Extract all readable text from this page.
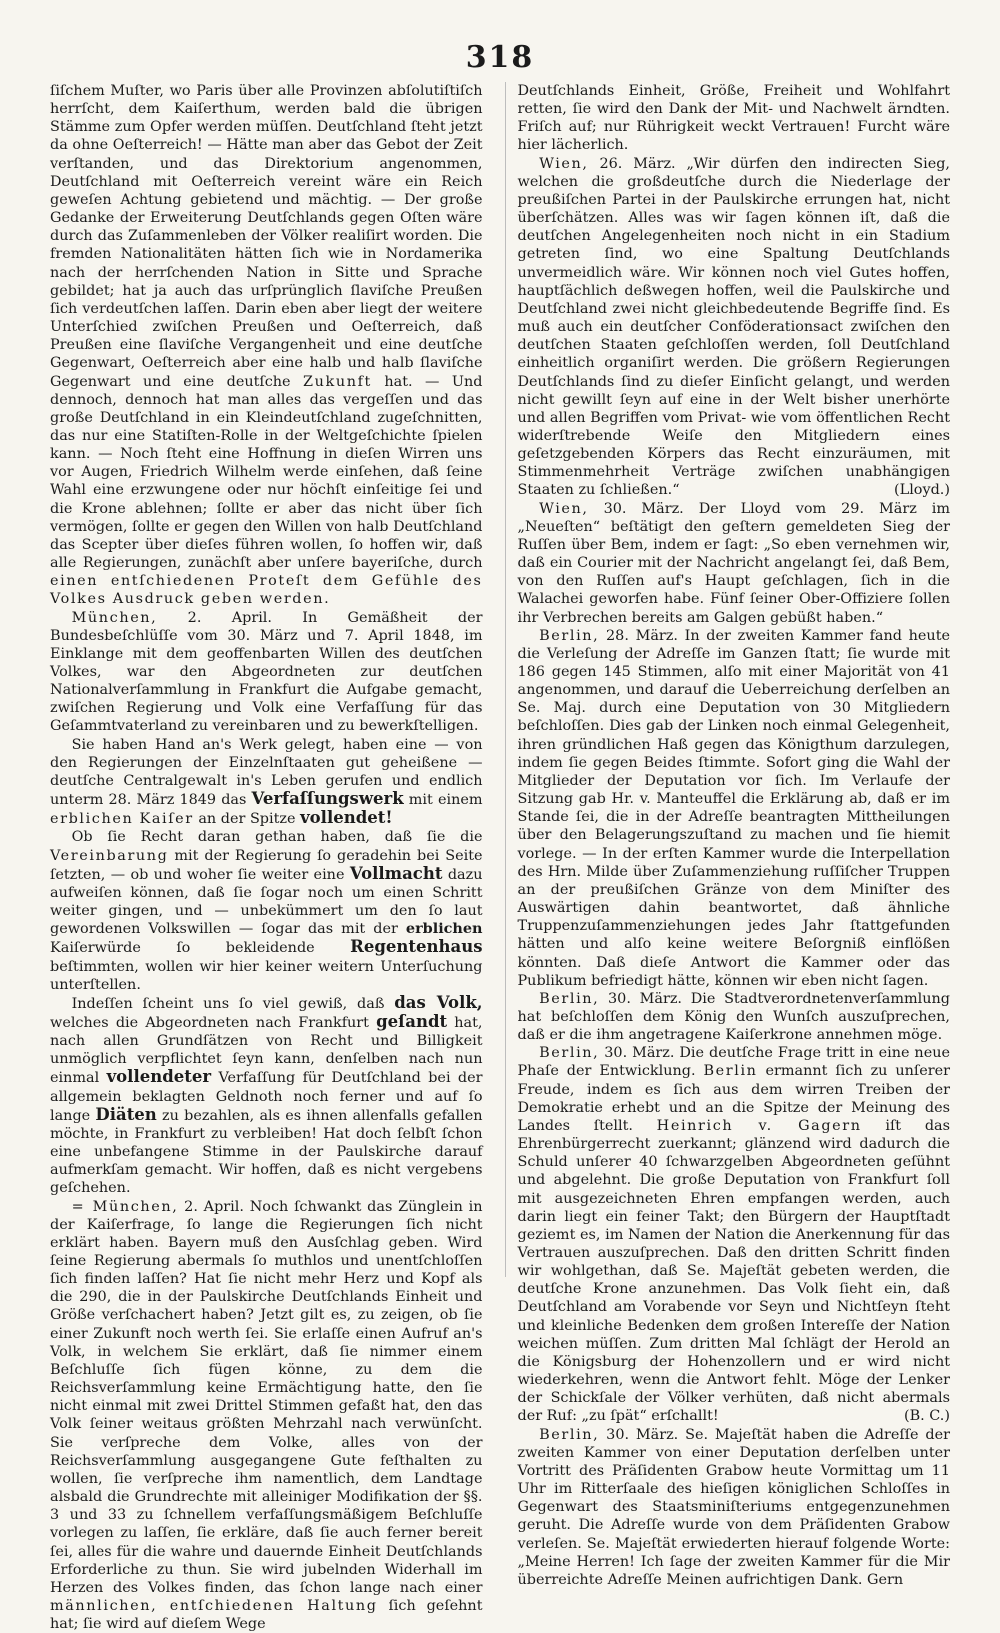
318

ſiſchem Muſter, wo Paris über alle Provinzen abſolutiſtiſch herrſcht, dem Kaiſerthum, werden bald die übrigen Stämme zum Opfer werden müſſen. Deutſchland ſteht jetzt da ohne Oeſterreich! — Hätte man aber das Gebot der Zeit verſtanden, und das Direktorium angenommen, Deutſchland mit Oeſterreich vereint wäre ein Reich geweſen Achtung gebietend und mächtig. — Der große Gedanke der Erweiterung Deutſchlands gegen Oſten wäre durch das Zuſammenleben der Völker realiſirt worden. Die fremden Nationalitäten hätten ſich wie in Nordamerika nach der herrſchenden Nation in Sitte und Sprache gebildet; hat ja auch das urſprünglich ſlaviſche Preußen ſich verdeutſchen laſſen. Darin eben aber liegt der weitere Unterſchied zwiſchen Preußen und Oeſterreich, daß Preußen eine ſlaviſche Vergangenheit und eine deutſche Gegenwart, Oeſterreich aber eine halb und halb ſlaviſche Gegenwart und eine deutſche Zukunft hat. — Und dennoch, dennoch hat man alles das vergeſſen und das große Deutſchland in ein Kleindeutſchland zugeſchnitten, das nur eine Statiſten-Rolle in der Weltgeſchichte ſpielen kann. — Noch ſteht eine Hoffnung in dieſen Wirren uns vor Augen, Friedrich Wilhelm werde einſehen, daß ſeine Wahl eine erzwungene oder nur höchſt einſeitige ſei und die Krone ablehnen; ſollte er aber das nicht über ſich vermögen, ſollte er gegen den Willen von halb Deutſchland das Scepter über dieſes führen wollen, ſo hoffen wir, daß alle Regierungen, zunächſt aber unſere bayeriſche, durch einen entſchiedenen Proteſt dem Gefühle des Volkes Ausdruck geben werden.

München, 2. April. In Gemäßheit der Bundesbeſchlüſſe vom 30. März und 7. April 1848, im Einklange mit dem geoffenbarten Willen des deutſchen Volkes, war den Abgeordneten zur deutſchen Nationalverſammlung in Frankfurt die Aufgabe gemacht, zwiſchen Regierung und Volk eine Verfaſſung für das Geſammtvaterland zu vereinbaren und zu bewerkſtelligen.

Sie haben Hand an's Werk gelegt, haben eine — von den Regierungen der Einzelnſtaaten gut geheißene — deutſche Centralgewalt in's Leben gerufen und endlich unterm 28. März 1849 das Verfaſſungswerk mit einem erblichen Kaiſer an der Spitze vollendet!

Ob ſie Recht daran gethan haben, daß ſie die Vereinbarung mit der Regierung ſo geradehin bei Seite ſetzten, — ob und woher ſie weiter eine Vollmacht dazu aufweiſen können, daß ſie ſogar noch um einen Schritt weiter gingen, und — unbekümmert um den ſo laut gewordenen Volkswillen — ſogar das mit der erblichen Kaiſerwürde ſo bekleidende Regentenhaus beſtimmten, wollen wir hier keiner weitern Unterſuchung unterſtellen.

Indeſſen ſcheint uns ſo viel gewiß, daß das Volk, welches die Abgeordneten nach Frankfurt geſandt hat, nach allen Grundſätzen von Recht und Billigkeit unmöglich verpflichtet ſeyn kann, denſelben nach nun einmal vollendeter Verfaſſung für Deutſchland bei der allgemein beklagten Geldnoth noch ferner und auf ſo lange Diäten zu bezahlen, als es ihnen allenfalls gefallen möchte, in Frankfurt zu verbleiben! Hat doch ſelbſt ſchon eine unbefangene Stimme in der Paulskirche darauf aufmerkſam gemacht. Wir hoffen, daß es nicht vergebens geſchehen.

= München, 2. April. Noch ſchwankt das Zünglein in der Kaiſerfrage, ſo lange die Regierungen ſich nicht erklärt haben. Bayern muß den Ausſchlag geben. Wird ſeine Regierung abermals ſo muthlos und unentſchloſſen ſich finden laſſen? Hat ſie nicht mehr Herz und Kopf als die 290, die in der Paulskirche Deutſchlands Einheit und Größe verſchachert haben? Jetzt gilt es, zu zeigen, ob ſie einer Zukunft noch werth ſei. Sie erlaſſe einen Aufruf an's Volk, in welchem Sie erklärt, daß ſie nimmer einem Beſchluſſe ſich fügen könne, zu dem die Reichsverſammlung keine Ermächtigung hatte, den ſie nicht einmal mit zwei Drittel Stimmen gefaßt hat, den das Volk ſeiner weitaus größten Mehrzahl nach verwünſcht. Sie verſpreche dem Volke, alles von der Reichsverſammlung ausgegangene Gute feſthalten zu wollen, ſie verſpreche ihm namentlich, dem Landtage alsbald die Grundrechte mit alleiniger Modifikation der §§. 3 und 33 zu ſchnellem verfaſſungsmäßigem Beſchluſſe vorlegen zu laſſen, ſie erkläre, daß ſie auch ferner bereit ſei, alles für die wahre und dauernde Einheit Deutſchlands Erforderliche zu thun. Sie wird jubelnden Widerhall im Herzen des Volkes finden, das ſchon lange nach einer männlichen, entſchiedenen Haltung ſich geſehnt hat; ſie wird auf dieſem Wege

Deutſchlands Einheit, Größe, Freiheit und Wohlfahrt retten, ſie wird den Dank der Mit- und Nachwelt ärndten. Friſch auf; nur Rührigkeit weckt Vertrauen! Furcht wäre hier lächerlich.

Wien, 26. März. „Wir dürfen den indirecten Sieg, welchen die großdeutſche durch die Niederlage der preußiſchen Partei in der Paulskirche errungen hat, nicht überſchätzen. Alles was wir ſagen können iſt, daß die deutſchen Angelegenheiten noch nicht in ein Stadium getreten ſind, wo eine Spaltung Deutſchlands unvermeidlich wäre. Wir können noch viel Gutes hoffen, hauptſächlich deßwegen hoffen, weil die Paulskirche und Deutſchland zwei nicht gleichbedeutende Begriffe ſind. Es muß auch ein deutſcher Conföderationsact zwiſchen den deutſchen Staaten geſchloſſen werden, ſoll Deutſchland einheitlich organiſirt werden. Die größern Regierungen Deutſchlands ſind zu dieſer Einſicht gelangt, und werden nicht gewillt ſeyn auf eine in der Welt bisher unerhörte und allen Begriffen vom Privat- wie vom öffentlichen Recht widerſtrebende Weiſe den Mitgliedern eines geſetzgebenden Körpers das Recht einzuräumen, mit Stimmenmehrheit Verträge zwiſchen unabhängigen Staaten zu ſchließen.“	(Lloyd.)

Wien, 30. März. Der Lloyd vom 29. März im „Neueſten“ beſtätigt den geſtern gemeldeten Sieg der Ruſſen über Bem, indem er ſagt: „So eben vernehmen wir, daß ein Courier mit der Nachricht angelangt ſei, daß Bem, von den Ruſſen auf's Haupt geſchlagen, ſich in die Walachei geworfen habe. Fünf ſeiner Ober-Offiziere ſollen ihr Verbrechen bereits am Galgen gebüßt haben.“

Berlin, 28. März. In der zweiten Kammer fand heute die Verleſung der Adreſſe im Ganzen ſtatt; ſie wurde mit 186 gegen 145 Stimmen, alſo mit einer Majorität von 41 angenommen, und darauf die Ueberreichung derſelben an Se. Maj. durch eine Deputation von 30 Mitgliedern beſchloſſen. Dies gab der Linken noch einmal Gelegenheit, ihren gründlichen Haß gegen das Königthum darzulegen, indem ſie gegen Beides ſtimmte. Sofort ging die Wahl der Mitglieder der Deputation vor ſich. Im Verlaufe der Sitzung gab Hr. v. Manteuffel die Erklärung ab, daß er im Stande ſei, die in der Adreſſe beantragten Mittheilungen über den Belagerungszuſtand zu machen und ſie hiemit vorlege. — In der erſten Kammer wurde die Interpellation des Hrn. Milde über Zuſammenziehung ruſſiſcher Truppen an der preußiſchen Gränze von dem Miniſter des Auswärtigen dahin beantwortet, daß ähnliche Truppenzuſammenziehungen jedes Jahr ſtattgefunden hätten und alſo keine weitere Beſorgniß einflößen könnten. Daß dieſe Antwort die Kammer oder das Publikum befriedigt hätte, können wir eben nicht ſagen.

Berlin, 30. März. Die Stadtverordnetenverſammlung hat beſchloſſen dem König den Wunſch auszuſprechen, daß er die ihm angetragene Kaiſerkrone annehmen möge.

Berlin, 30. März. Die deutſche Frage tritt in eine neue Phaſe der Entwicklung. Berlin ermannt ſich zu unſerer Freude, indem es ſich aus dem wirren Treiben der Demokratie erhebt und an die Spitze der Meinung des Landes ſtellt. Heinrich v. Gagern iſt das Ehrenbürgerrecht zuerkannt; glänzend wird dadurch die Schuld unſerer 40 ſchwarzgelben Abgeordneten geſühnt und abgelehnt. Die große Deputation von Frankfurt ſoll mit ausgezeichneten Ehren empfangen werden, auch darin liegt ein feiner Takt; den Bürgern der Hauptſtadt geziemt es, im Namen der Nation die Anerkennung für das Vertrauen auszuſprechen. Daß den dritten Schritt finden wir wohlgethan, daß Se. Majeſtät gebeten werden, die deutſche Krone anzunehmen. Das Volk ſieht ein, daß Deutſchland am Vorabende vor Seyn und Nichtſeyn ſteht und kleinliche Bedenken dem großen Intereſſe der Nation weichen müſſen. Zum dritten Mal ſchlägt der Herold an die Königsburg der Hohenzollern und er wird nicht wiederkehren, wenn die Antwort fehlt. Möge der Lenker der Schickſale der Völker verhüten, daß nicht abermals der Ruf: „zu ſpät“ erſchallt!	(B. C.)

Berlin, 30. März. Se. Majeſtät haben die Adreſſe der zweiten Kammer von einer Deputation derſelben unter Vortritt des Präſidenten Grabow heute Vormittag um 11 Uhr im Ritterſaale des hieſigen königlichen Schloſſes in Gegenwart des Staatsminiſteriums entgegenzunehmen geruht. Die Adreſſe wurde von dem Präſidenten Grabow verleſen. Se. Majeſtät erwiederten hierauf folgende Worte: „Meine Herren! Ich ſage der zweiten Kammer für die Mir überreichte Adreſſe Meinen aufrichtigen Dank. Gern
